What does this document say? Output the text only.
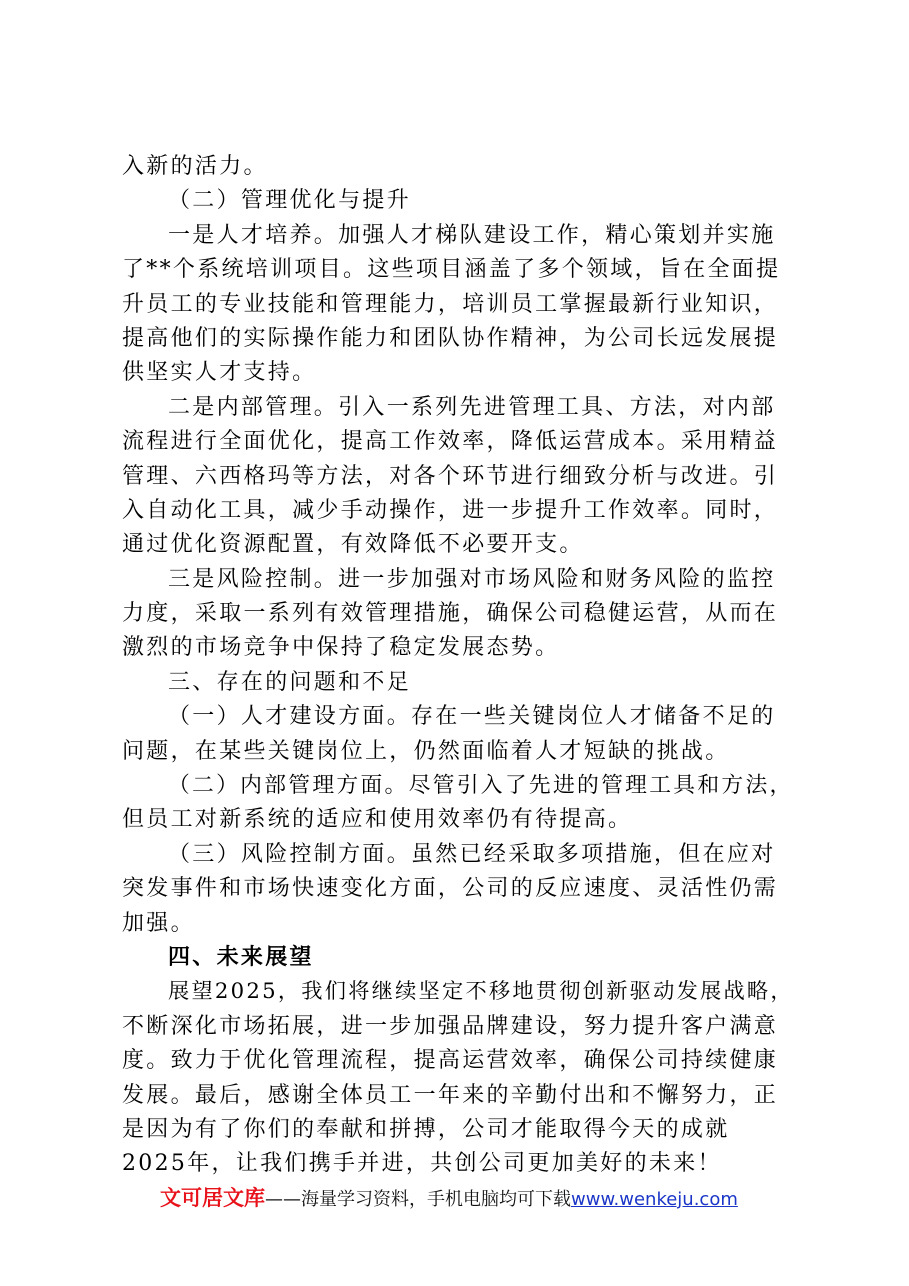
入新的活力。
（二）管理优化与提升
一是人才培养。加强人才梯队建设工作，精心策划并实施
了**个系统培训项目。这些项目涵盖了多个领域，旨在全面提
升员工的专业技能和管理能力，培训员工掌握最新行业知识，
提高他们的实际操作能力和团队协作精神，为公司长远发展提
供坚实人才支持。
二是内部管理。引入一系列先进管理工具、方法，对内部
流程进行全面优化，提高工作效率，降低运营成本。采用精益
管理、六西格玛等方法，对各个环节进行细致分析与改进。引
入自动化工具，减少手动操作，进一步提升工作效率。同时，
通过优化资源配置，有效降低不必要开支。
三是风险控制。进一步加强对市场风险和财务风险的监控
力度，采取一系列有效管理措施，确保公司稳健运营，从而在
激烈的市场竞争中保持了稳定发展态势。
三、存在的问题和不足
（一）人才建设方面。存在一些关键岗位人才储备不足的
问题，在某些关键岗位上，仍然面临着人才短缺的挑战。
（二）内部管理方面。尽管引入了先进的管理工具和方法，
但员工对新系统的适应和使用效率仍有待提高。
（三）风险控制方面。虽然已经采取多项措施，但在应对
突发事件和市场快速变化方面，公司的反应速度、灵活性仍需
加强。
四、未来展望
展望2025，我们将继续坚定不移地贯彻创新驱动发展战略，
不断深化市场拓展，进一步加强品牌建设，努力提升客户满意
度。致力于优化管理流程，提高运营效率，确保公司持续健康
发展。最后，感谢全体员工一年来的辛勤付出和不懈努力，正
是因为有了你们的奉献和拼搏，公司才能取得今天的成就
2025年，让我们携手并进，共创公司更加美好的未来！
文可居文库——海量学习资料，手机电脑均可下载www.wenkeju.com
